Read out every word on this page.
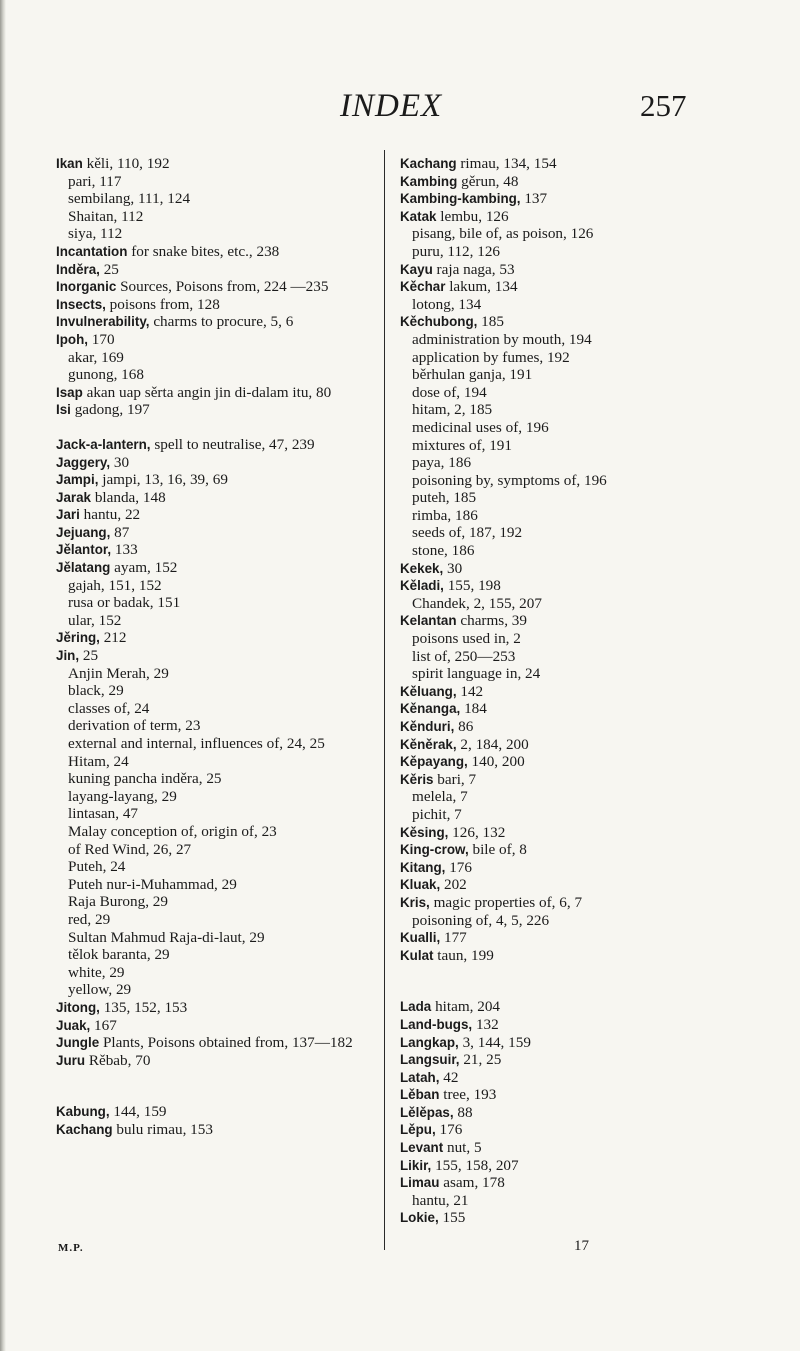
INDEX	257
Ikan kěli, 110, 192
pari, 117
sembilang, 111, 124
Shaitan, 112
siya, 112
Incantation for snake bites, etc., 238
Inděra, 25
Inorganic Sources, Poisons from, 224 —235
Insects, poisons from, 128
Invulnerability, charms to procure, 5, 6
Ipoh, 170
akar, 169
gunong, 168
Isap akan uap sěrta angin jin di-dalam itu, 80
Isi gadong, 197
Jack-a-lantern, spell to neutralise, 47, 239
Jaggery, 30
Jampi, jampi, 13, 16, 39, 69
Jarak blanda, 148
Jari hantu, 22
Jejuang, 87
Jělantor, 133
Jělatang ayam, 152
gajah, 151, 152
rusa or badak, 151
ular, 152
Jěring, 212
Jin, 25
Anjin Merah, 29
black, 29
classes of, 24
derivation of term, 23
external and internal, influences of, 24, 25
Hitam, 24
kuning pancha inděra, 25
layang-layang, 29
lintasan, 47
Malay conception of, origin of, 23
of Red Wind, 26, 27
Puteh, 24
Puteh nur-i-Muhammad, 29
Raja Burong, 29
red, 29
Sultan Mahmud Raja-di-laut, 29
tělok baranta, 29
white, 29
yellow, 29
Jitong, 135, 152, 153
Juak, 167
Jungle Plants, Poisons obtained from, 137—182
Juru Rěbab, 70
Kabung, 144, 159
Kachang bulu rimau, 153
Kachang rimau, 134, 154
Kambing gěrun, 48
Kambing-kambing, 137
Katak lembu, 126
pisang, bile of, as poison, 126
puru, 112, 126
Kayu raja naga, 53
Kěchar lakum, 134
lotong, 134
Kěchubong, 185
administration by mouth, 194
application by fumes, 192
běrhulan ganja, 191
dose of, 194
hitam, 2, 185
medicinal uses of, 196
mixtures of, 191
paya, 186
poisoning by, symptoms of, 196
puteh, 185
rimba, 186
seeds of, 187, 192
stone, 186
Kekek, 30
Kěladi, 155, 198
Chandek, 2, 155, 207
Kelantan charms, 39
poisons used in, 2
list of, 250—253
spirit language in, 24
Kěluang, 142
Kěnanga, 184
Kěnduri, 86
Kěněrak, 2, 184, 200
Kěpayang, 140, 200
Kěris bari, 7
melela, 7
pichit, 7
Kěsing, 126, 132
King-crow, bile of, 8
Kitang, 176
Kluak, 202
Kris, magic properties of, 6, 7
poisoning of, 4, 5, 226
Kualli, 177
Kulat taun, 199
Lada hitam, 204
Land-bugs, 132
Langkap, 3, 144, 159
Langsuir, 21, 25
Latah, 42
Lěban tree, 193
Lělěpas, 88
Lěpu, 176
Levant nut, 5
Likir, 155, 158, 207
Limau asam, 178
hantu, 21
Lokie, 155
M.P.	17
